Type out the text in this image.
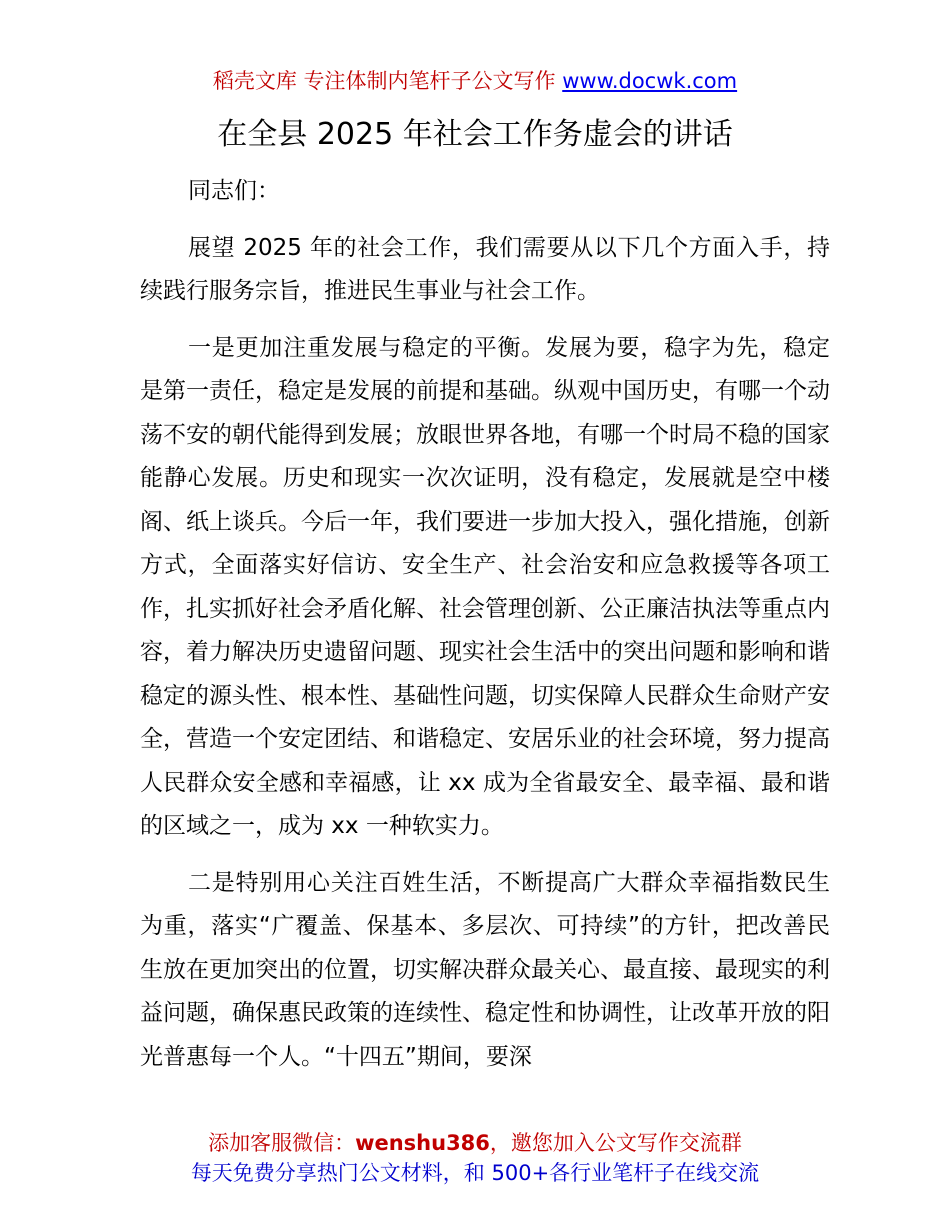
稻壳文库 专注体制内笔杆子公文写作 www.docwk.com
在全县 2025 年社会工作务虚会的讲话

同志们：

展望 2025 年的社会工作，我们需要从以下几个方面入手，持续践行服务宗旨，推进民生事业与社会工作。

一是更加注重发展与稳定的平衡。发展为要，稳字为先，稳定是第一责任，稳定是发展的前提和基础。纵观中国历史，有哪一个动荡不安的朝代能得到发展；放眼世界各地，有哪一个时局不稳的国家能静心发展。历史和现实一次次证明，没有稳定，发展就是空中楼阁、纸上谈兵。今后一年，我们要进一步加大投入，强化措施，创新方式，全面落实好信访、安全生产、社会治安和应急救援等各项工作，扎实抓好社会矛盾化解、社会管理创新、公正廉洁执法等重点内容，着力解决历史遗留问题、现实社会生活中的突出问题和影响和谐稳定的源头性、根本性、基础性问题，切实保障人民群众生命财产安全，营造一个安定团结、和谐稳定、安居乐业的社会环境，努力提高人民群众安全感和幸福感，让 xx 成为全省最安全、最幸福、最和谐的区域之一，成为 xx 一种软实力。

二是特别用心关注百姓生活，不断提高广大群众幸福指数民生为重，落实“广覆盖、保基本、多层次、可持续”的方针，把改善民生放在更加突出的位置，切实解决群众最关心、最直接、最现实的利益问题，确保惠民政策的连续性、稳定性和协调性，让改革开放的阳光普惠每一个人。“十四五”期间，要深

添加客服微信：wenshu386，邀您加入公文写作交流群
每天免费分享热门公文材料，和 500+各行业笔杆子在线交流
